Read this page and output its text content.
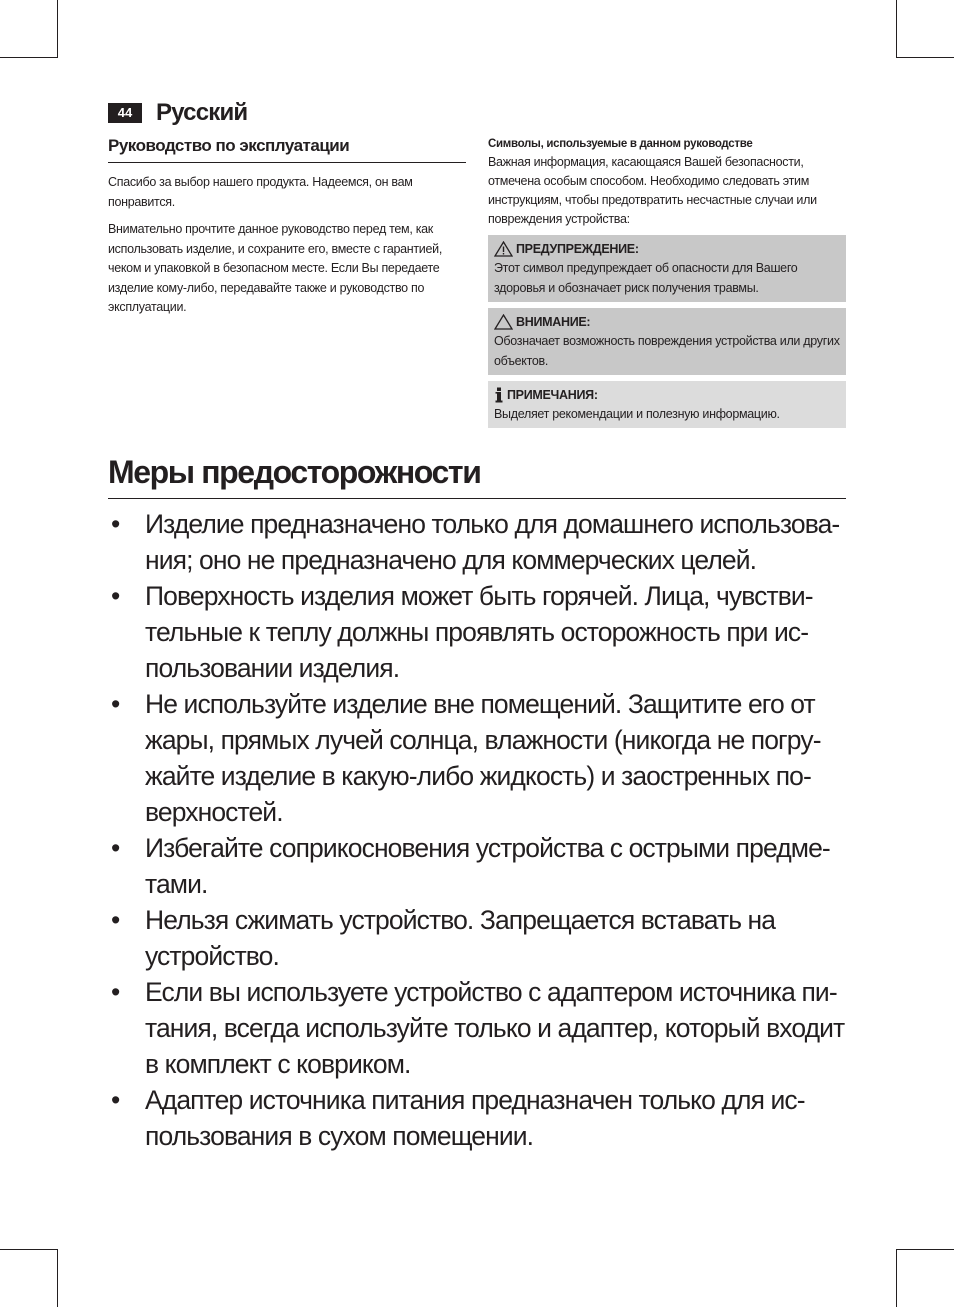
44 Русский
Руководство по эксплуатации

Спасибо за выбор нашего продукта. Надеемся, он вам понравится.

Внимательно прочтите данное руководство перед тем, как использовать изделие, и сохраните его, вместе с гарантией, чеком и упаковкой в безопасном месте. Если Вы передаете изделие кому-либо, передавайте также и руководство по эксплуатации.

Символы, используемые в данном руководстве

Важная информация, касающаяся Вашей безопасности, отмечена особым способом. Необходимо следовать этим инструкциям, чтобы предотвратить несчастные случаи или повреждения устройства:

ПРЕДУПРЕЖДЕНИЕ:
Этот символ предупреждает об опасности для Вашего здоровья и обозначает риск получения травмы.
ВНИМАНИЕ:
Обозначает возможность повреждения устройства или других объектов.
ПРИМЕЧАНИЯ:
Выделяет рекомендации и полезную информацию.
Меры предосторожности
• Изделие предназначено только для домашнего использова-ния; оно не предназначено для коммерческих целей.
• Поверхность изделия может быть горячей. Лица, чувстви-тельные к теплу должны проявлять осторожность при ис-пользовании изделия.
• Не используйте изделие вне помещений. Защитите его от жары, прямых лучей солнца, влажности (никогда не погру-жайте изделие в какую-либо жидкость) и заостренных по-верхностей.
• Избегайте соприкосновения устройства с острыми предме-тами.
• Нельзя сжимать устройство. Запрещается вставать на устройство.
• Если вы используете устройство с адаптером источника пи-тания, всегда используйте только и адаптер, который входит в комплект с ковриком.
• Адаптер источника питания предназначен только для ис-пользования в сухом помещении.
